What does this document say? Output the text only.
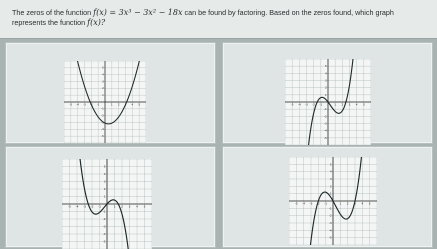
The zeros of the function f(x) = 3x³ − 3x² − 18x can be found by factoring. Based on the zeros found, which graph represents the function f(x)?
-5 -4 -3 -2 -1	1 2 3 4 5
5
4
3
2
1
-1
-2
-3
-4
-5
-5 -4 -3 -2 -1	1 2 3 4 5
5
4
3
2
1
-1
-2
-3
-4
-5
-5 -4 -3 -2 -1	1 2 3 4 5
5
4
3
2
1
-1
-2
-3
-4
-5
-5 -4 -3 -2 -1	1 2 3 4 5
5
4
3
2
1
-1
-2
-3
-4
-5
